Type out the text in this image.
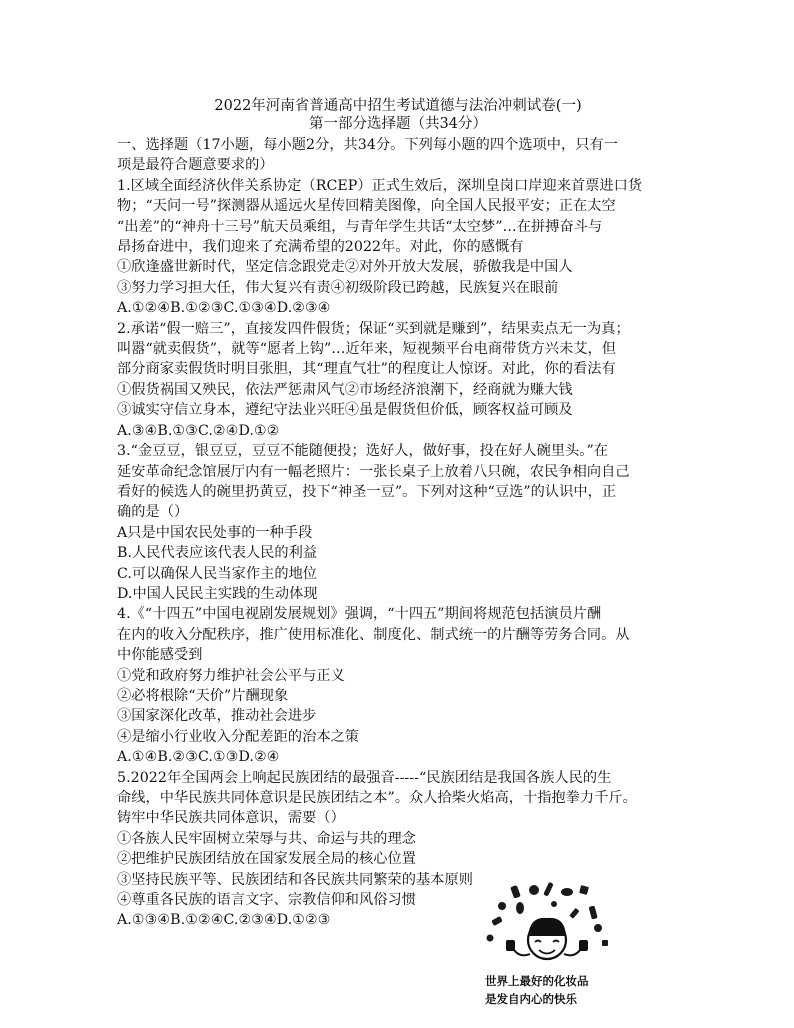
2022年河南省普通高中招生考试道德与法治冲刺试卷(一)
第一部分选择题（共34分）

一、选择题（17小题，每小题2分，共34分。下列每小题的四个选项中，只有一

项是最符合题意要求的）

1.区域全面经济伙伴关系协定（RCEP）正式生效后，深圳皇岗口岸迎来首票进口货

物；“天问一号”探测器从遥远火星传回精美图像，向全国人民报平安；正在太空

“出差”的“神舟十三号”航天员乘组，与青年学生共话“太空梦”…在拼搏奋斗与

昂扬奋进中，我们迎来了充满希望的2022年。对此，你的感慨有

①欣逢盛世新时代，坚定信念跟党走②对外开放大发展，骄傲我是中国人

③努力学习担大任，伟大复兴有责④初级阶段已跨越，民族复兴在眼前

A.①②④B.①②③C.①③④D.②③④

2.承诺“假一赔三”，直接发四件假货；保证“买到就是赚到”，结果卖点无一为真；

叫嚣“就卖假货”，就等“愿者上钩”…近年来，短视频平台电商带货方兴未艾，但

部分商家卖假货时明目张胆，其“理直气壮”的程度让人惊讶。对此，你的看法有

①假货祸国又殃民，依法严惩肃风气②市场经济浪潮下，经商就为赚大钱

③诚实守信立身本，遵纪守法业兴旺④虽是假货但价低，顾客权益可顾及

A.③④B.①③C.②④D.①②

3.“金豆豆，银豆豆，豆豆不能随便投；选好人，做好事，投在好人碗里头。”在

延安革命纪念馆展厅内有一幅老照片：一张长桌子上放着八只碗，农民争相向自己

看好的候选人的碗里扔黄豆，投下“神圣一豆”。下列对这种“豆选”的认识中，正

确的是（）

A只是中国农民处事的一种手段

B.人民代表应该代表人民的利益

C.可以确保人民当家作主的地位

D.中国人民民主实践的生动体现

4.《“十四五”中国电视剧发展规划》强调，“十四五”期间将规范包括演员片酬

在内的收入分配秩序，推广使用标准化、制度化、制式统一的片酬等劳务合同。从

中你能感受到

①党和政府努力维护社会公平与正义

②必将根除“天价”片酬现象

③国家深化改革，推动社会进步

④是缩小行业收入分配差距的治本之策

A.①④B.②③C.①③D.②④

5.2022年全国两会上响起民族团结的最强音-----“民族团结是我国各族人民的生

命线，中华民族共同体意识是民族团结之本”。众人拾柴火焰高，十指抱拳力千斤。

铸牢中华民族共同体意识，需要（）

①各族人民牢固树立荣辱与共、命运与共的理念

②把维护民族团结放在国家发展全局的核心位置

③坚持民族平等、民族团结和各民族共同繁荣的基本原则

④尊重各民族的语言文字、宗教信仰和风俗习惯

A.①③④B.①②④C.②③④D.①②③

世界上最好的化妆品
是发自内心的快乐
